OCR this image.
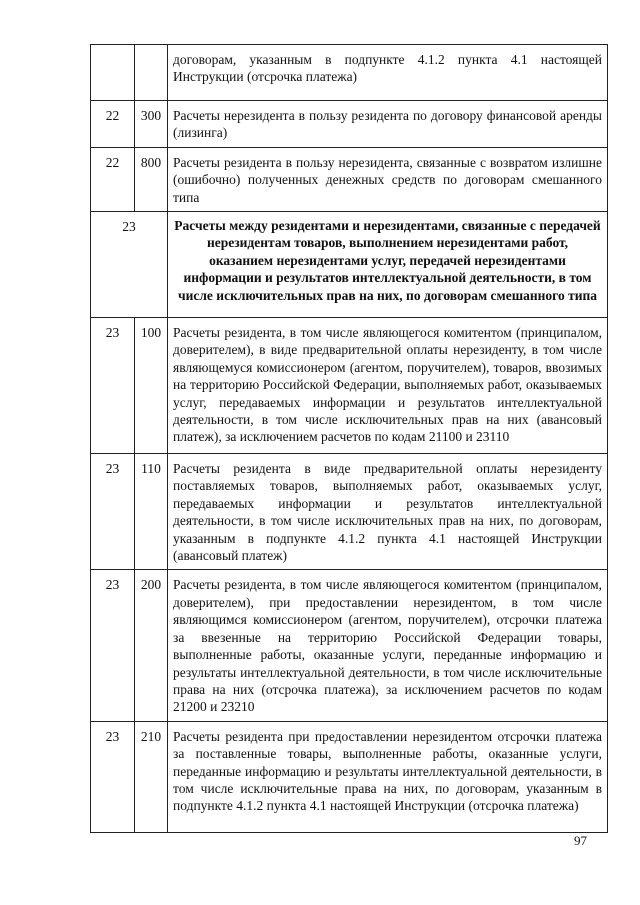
		договорам, указанным в подпункте 4.1.2 пункта 4.1 настоящей Инструкции (отсрочка платежа)

22	300	Расчеты нерезидента в пользу резидента по договору финансовой аренды (лизинга)

22	800	Расчеты резидента в пользу нерезидента, связанные с возвратом излишне (ошибочно) полученных денежных средств по договорам смешанного типа

23		Расчеты между резидентами и нерезидентами, связанные с передачей нерезидентам товаров, выполнением нерезидентами работ, оказанием нерезидентами услуг, передачей нерезидентами информации и результатов интеллектуальной деятельности, в том числе исключительных прав на них, по договорам смешанного типа

23	100	Расчеты резидента, в том числе являющегося комитентом (принципалом, доверителем), в виде предварительной оплаты нерезиденту, в том числе являющемуся комиссионером (агентом, поручителем), товаров, ввозимых на территорию Российской Федерации, выполняемых работ, оказываемых услуг, передаваемых информации и результатов интеллектуальной деятельности, в том числе исключительных прав на них (авансовый платеж), за исключением расчетов по кодам 21100 и 23110

23	110	Расчеты резидента в виде предварительной оплаты нерезиденту поставляемых товаров, выполняемых работ, оказываемых услуг, передаваемых информации и результатов интеллектуальной деятельности, в том числе исключительных прав на них, по договорам, указанным в подпункте 4.1.2 пункта 4.1 настоящей Инструкции (авансовый платеж)

23	200	Расчеты резидента, в том числе являющегося комитентом (принципалом, доверителем), при предоставлении нерезидентом, в том числе являющимся комиссионером (агентом, поручителем), отсрочки платежа за ввезенные на территорию Российской Федерации товары, выполненные работы, оказанные услуги, переданные информацию и результаты интеллектуальной деятельности, в том числе исключительные права на них (отсрочка платежа), за исключением расчетов по кодам 21200 и 23210

23	210	Расчеты резидента при предоставлении нерезидентом отсрочки платежа за поставленные товары, выполненные работы, оказанные услуги, переданные информацию и результаты интеллектуальной деятельности, в том числе исключительные права на них, по договорам, указанным в подпункте 4.1.2 пункта 4.1 настоящей Инструкции (отсрочка платежа)
97
